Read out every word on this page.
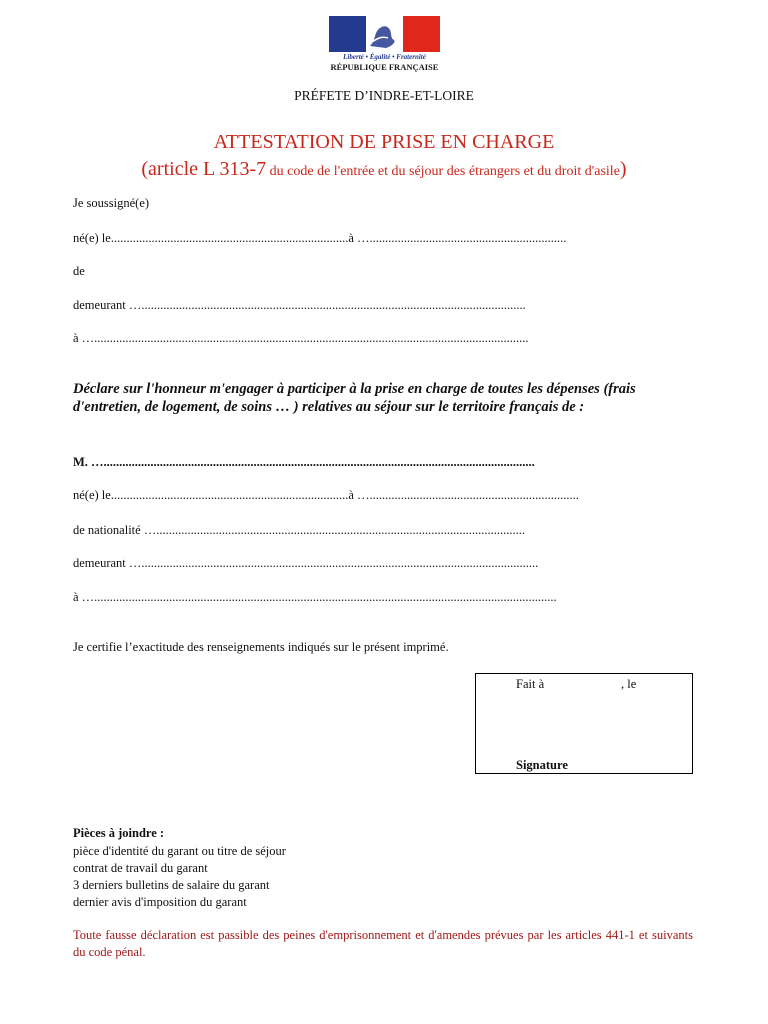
Liberté • Égalité • Fraternité
RÉPUBLIQUE FRANÇAISE
PRÉFETE D’INDRE-ET-LOIRE
ATTESTATION DE PRISE EN CHARGE
(article L 313-7 du code de l'entrée et du séjour des étrangers et du droit d'asile)
Je soussigné(e)
né(e) le............................................................................à …...............................................................
de
demeurant …...........................................................................................................................
à …...........................................................................................................................................
Déclare sur l'honneur m'engager à participer à la prise en charge de toutes les dépenses (frais d'entretien, de logement, de soins … ) relatives au séjour sur le territoire français de :
M. …..........................................................................................................................................
né(e) le............................................................................à …...................................................................
de nationalité …......................................................................................................................
demeurant …...............................................................................................................................
à …....................................................................................................................................................
Je certifie l’exactitude des renseignements indiqués sur le présent imprimé.
Fait à	, le
Signature
Pièces à joindre :
pièce d'identité du garant ou titre de séjour
contrat de travail du garant
3 derniers bulletins de salaire du garant
dernier avis d'imposition du garant
Toute fausse déclaration est passible des peines d'emprisonnement et d'amendes prévues par les articles 441-1 et suivants du code pénal.
